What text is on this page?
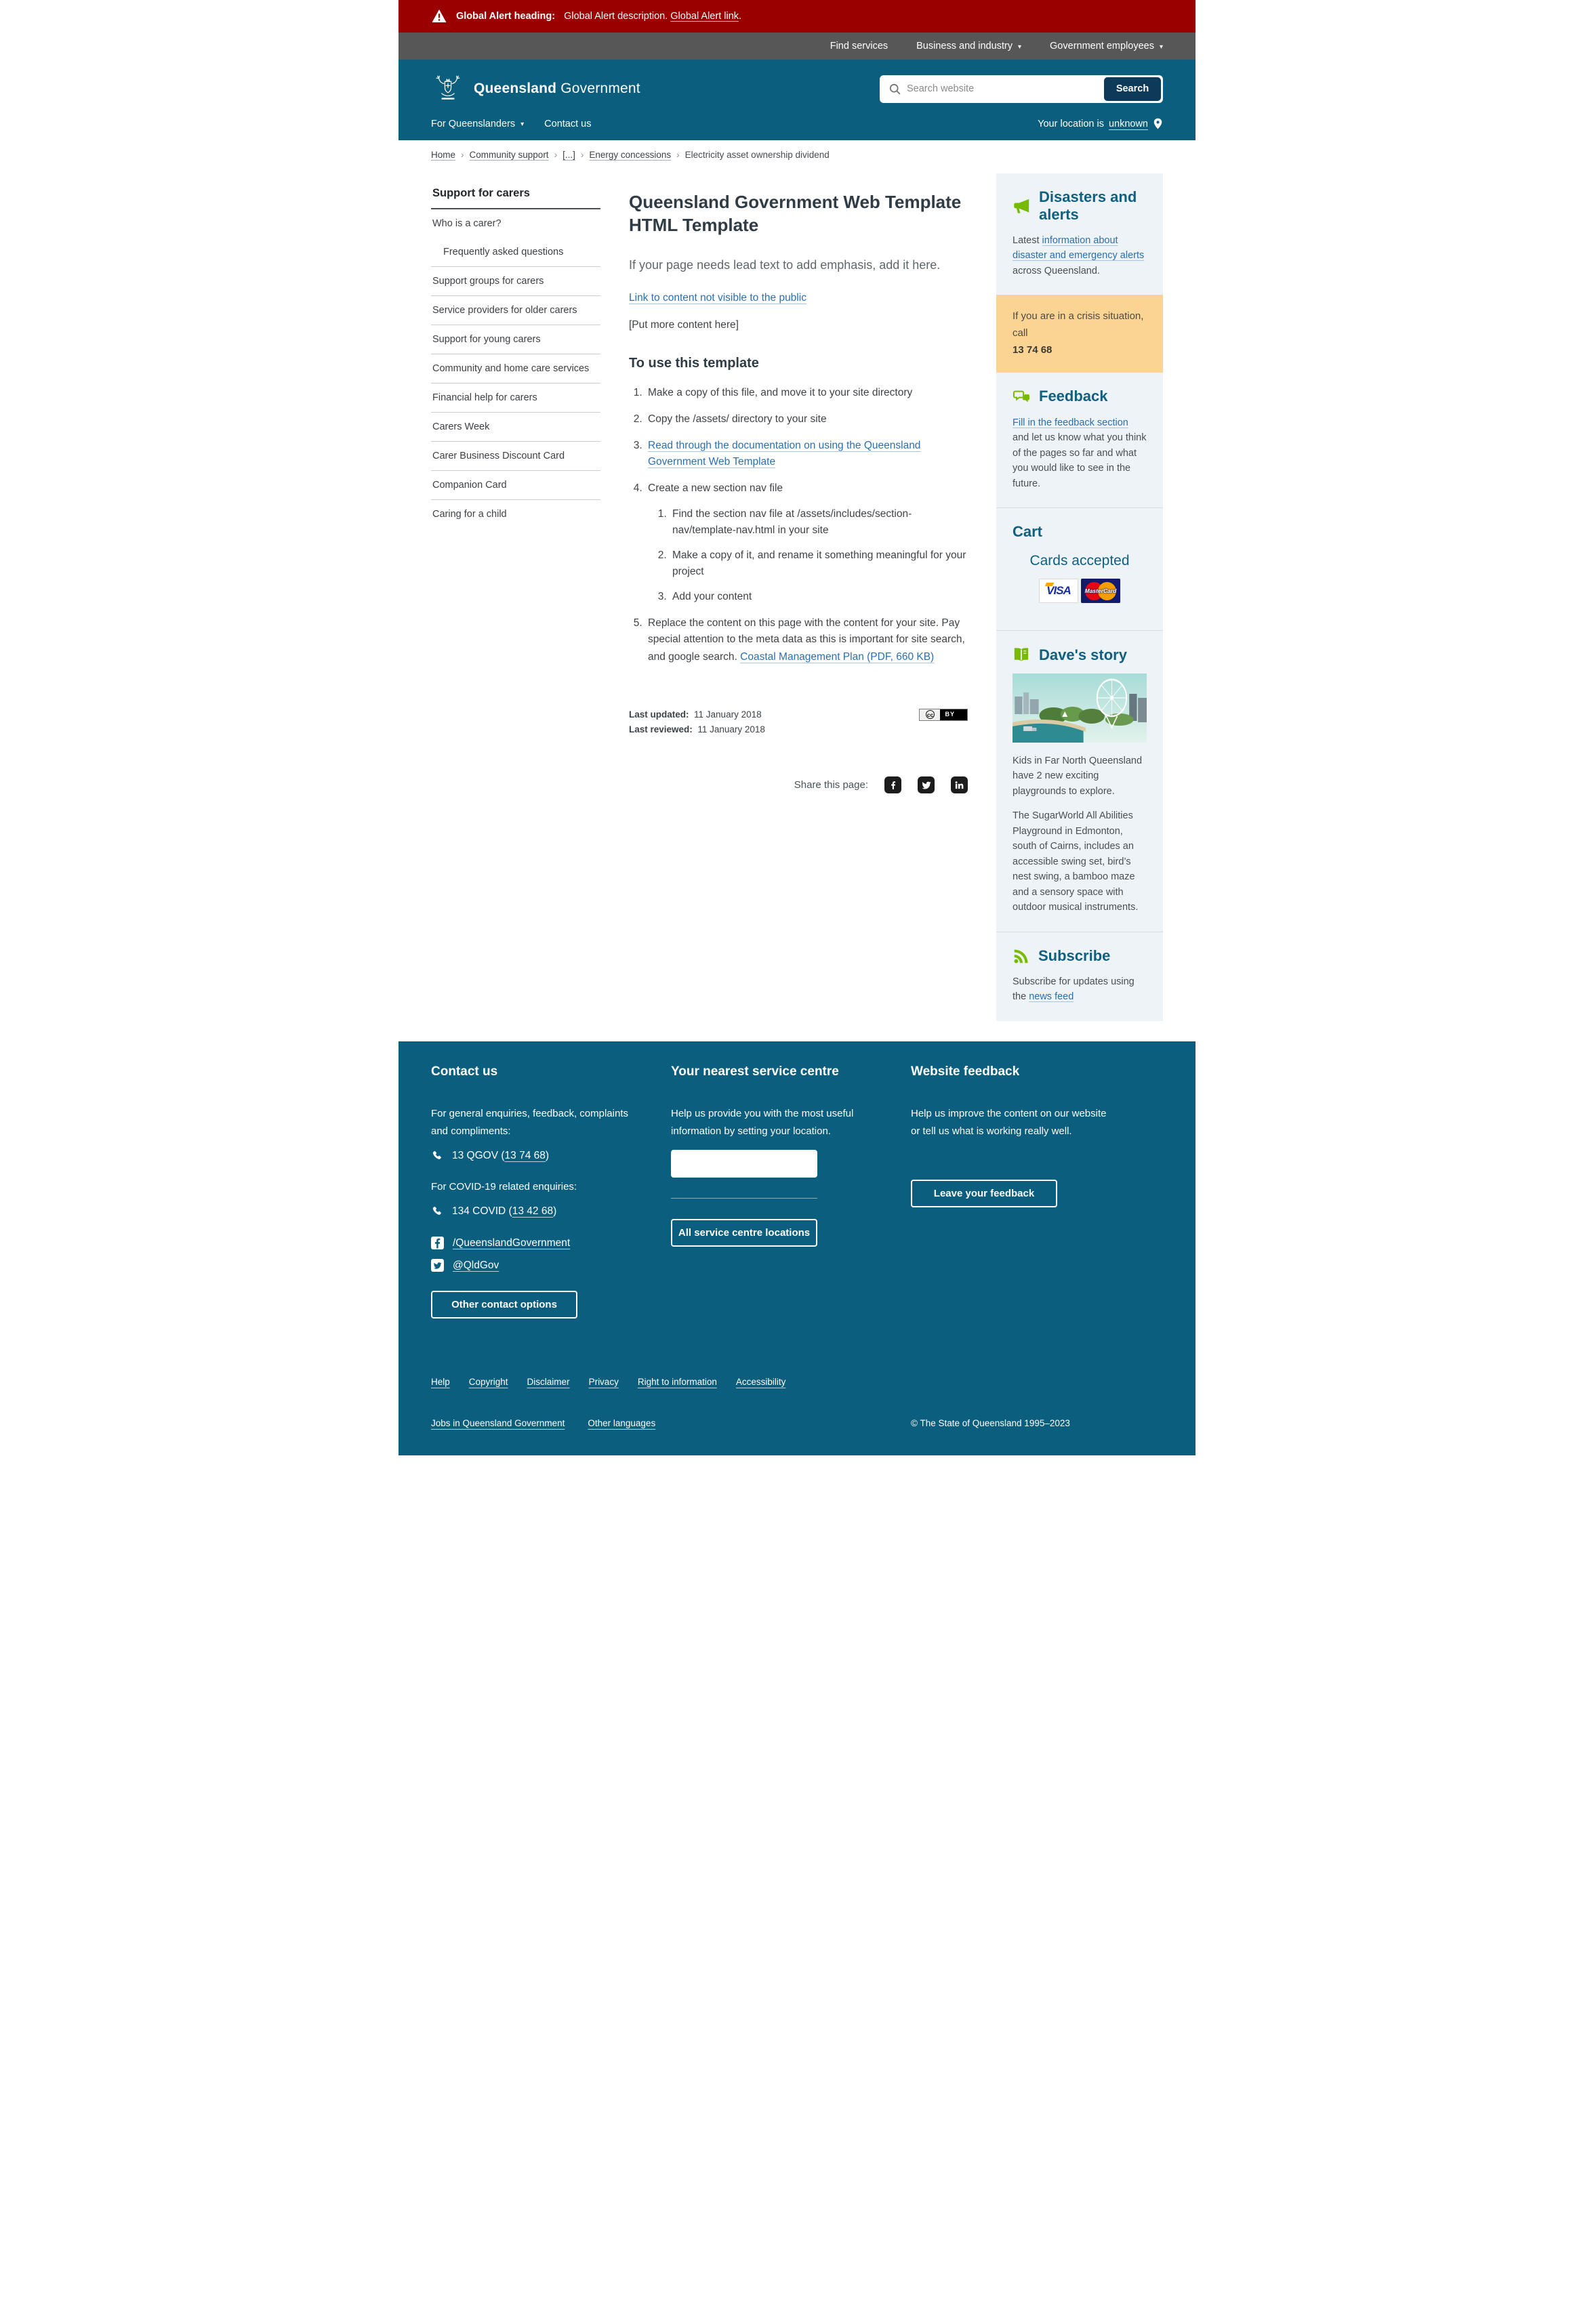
Global Alert heading: Global Alert description. Global Alert link.
Find services	Business and industry ▾	Government employees ▾
Queensland Government
Search website	Search
For Queenslanders ▾ Contact us	Your location is unknown
Home › Community support › [...] › Energy concessions › Electricity asset ownership dividend
Support for carers
Who is a carer?
Frequently asked questions
Support groups for carers
Service providers for older carers
Support for young carers
Community and home care services
Financial help for carers
Carers Week
Carer Business Discount Card
Companion Card
Caring for a child
Queensland Government Web Template HTML Template

If your page needs lead text to add emphasis, add it here.

Link to content not visible to the public

[Put more content here]

To use this template
1. Make a copy of this file, and move it to your site directory
2. Copy the /assets/ directory to your site
3. Read through the documentation on using the Queensland Government Web Template
4. Create a new section nav file
1. Find the section nav file at /assets/includes/section-nav/template-nav.html in your site
2. Make a copy of it, and rename it something meaningful for your project
3. Add your content
5. Replace the content on this page with the content for your site. Pay special attention to the meta data as this is important for site search, and google search. Coastal Management Plan (PDF, 660 KB)
Last updated: 11 January 2018
Last reviewed: 11 January 2018
cc	BY
Share this page:
Disasters and alerts

Latest information about disaster and emergency alerts across Queensland.

If you are in a crisis situation, call
13 74 68
Feedback

Fill in the feedback section and let us know what you think of the pages so far and what you would like to see in the future.

Cart
Cards accepted
VISA MasterCard
Dave's story

Kids in Far North Queensland have 2 new exciting playgrounds to explore.

The SugarWorld All Abilities Playground in Edmonton, south of Cairns, includes an accessible swing set, bird’s nest swing, a bamboo maze and a sensory space with outdoor musical instruments.

Subscribe

Subscribe for updates using the news feed

Contact us

For general enquiries, feedback, complaints and compliments:

13 QGOV (13 74 68)

For COVID-19 related enquiries:

134 COVID (13 42 68)
/QueenslandGovernment
@QldGov
Other contact options
Your nearest service centre

Help us provide you with the most useful information by setting your location.

Set your location
All service centre locations
Website feedback

Help us improve the content on our website or tell us what is working really well.

Leave your feedback
Help Copyright Disclaimer Privacy Right to information Accessibility
Jobs in Queensland Government	Other languages	© The State of Queensland 1995–2023
